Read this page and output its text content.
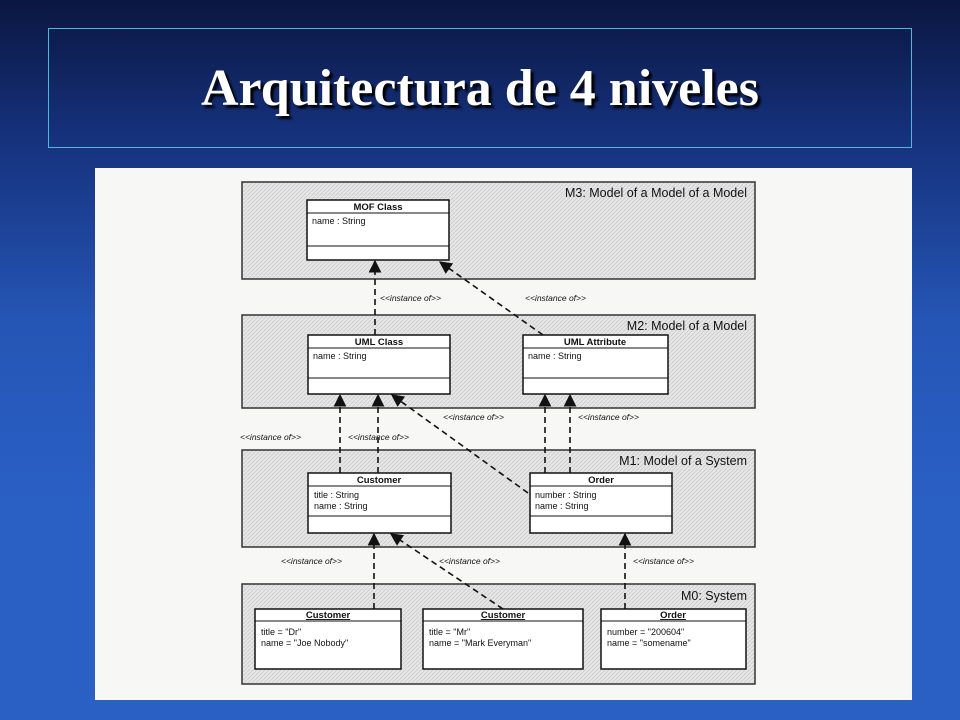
Arquitectura de 4 niveles
M3: Model of a Model of a Model
M2: Model of a Model
M1: Model of a System
M0: System
MOF Class
name : String
UML Class
name : String
UML Attribute
name : String
Customer
title : String
name : String
Order
number : String
name : String
Customer
title = "Dr"
name = "Joe Nobody"
Customer
title = "Mr"
name = "Mark Everyman"
Order
number = "200604"
name = "somename"
<<instance of>>	<<instance of>>
<<instance of>>	<<instance of>>
<<instance of>>	<<instance of>>
<<instance of>>	<<instance of>>	<<instance of>>
